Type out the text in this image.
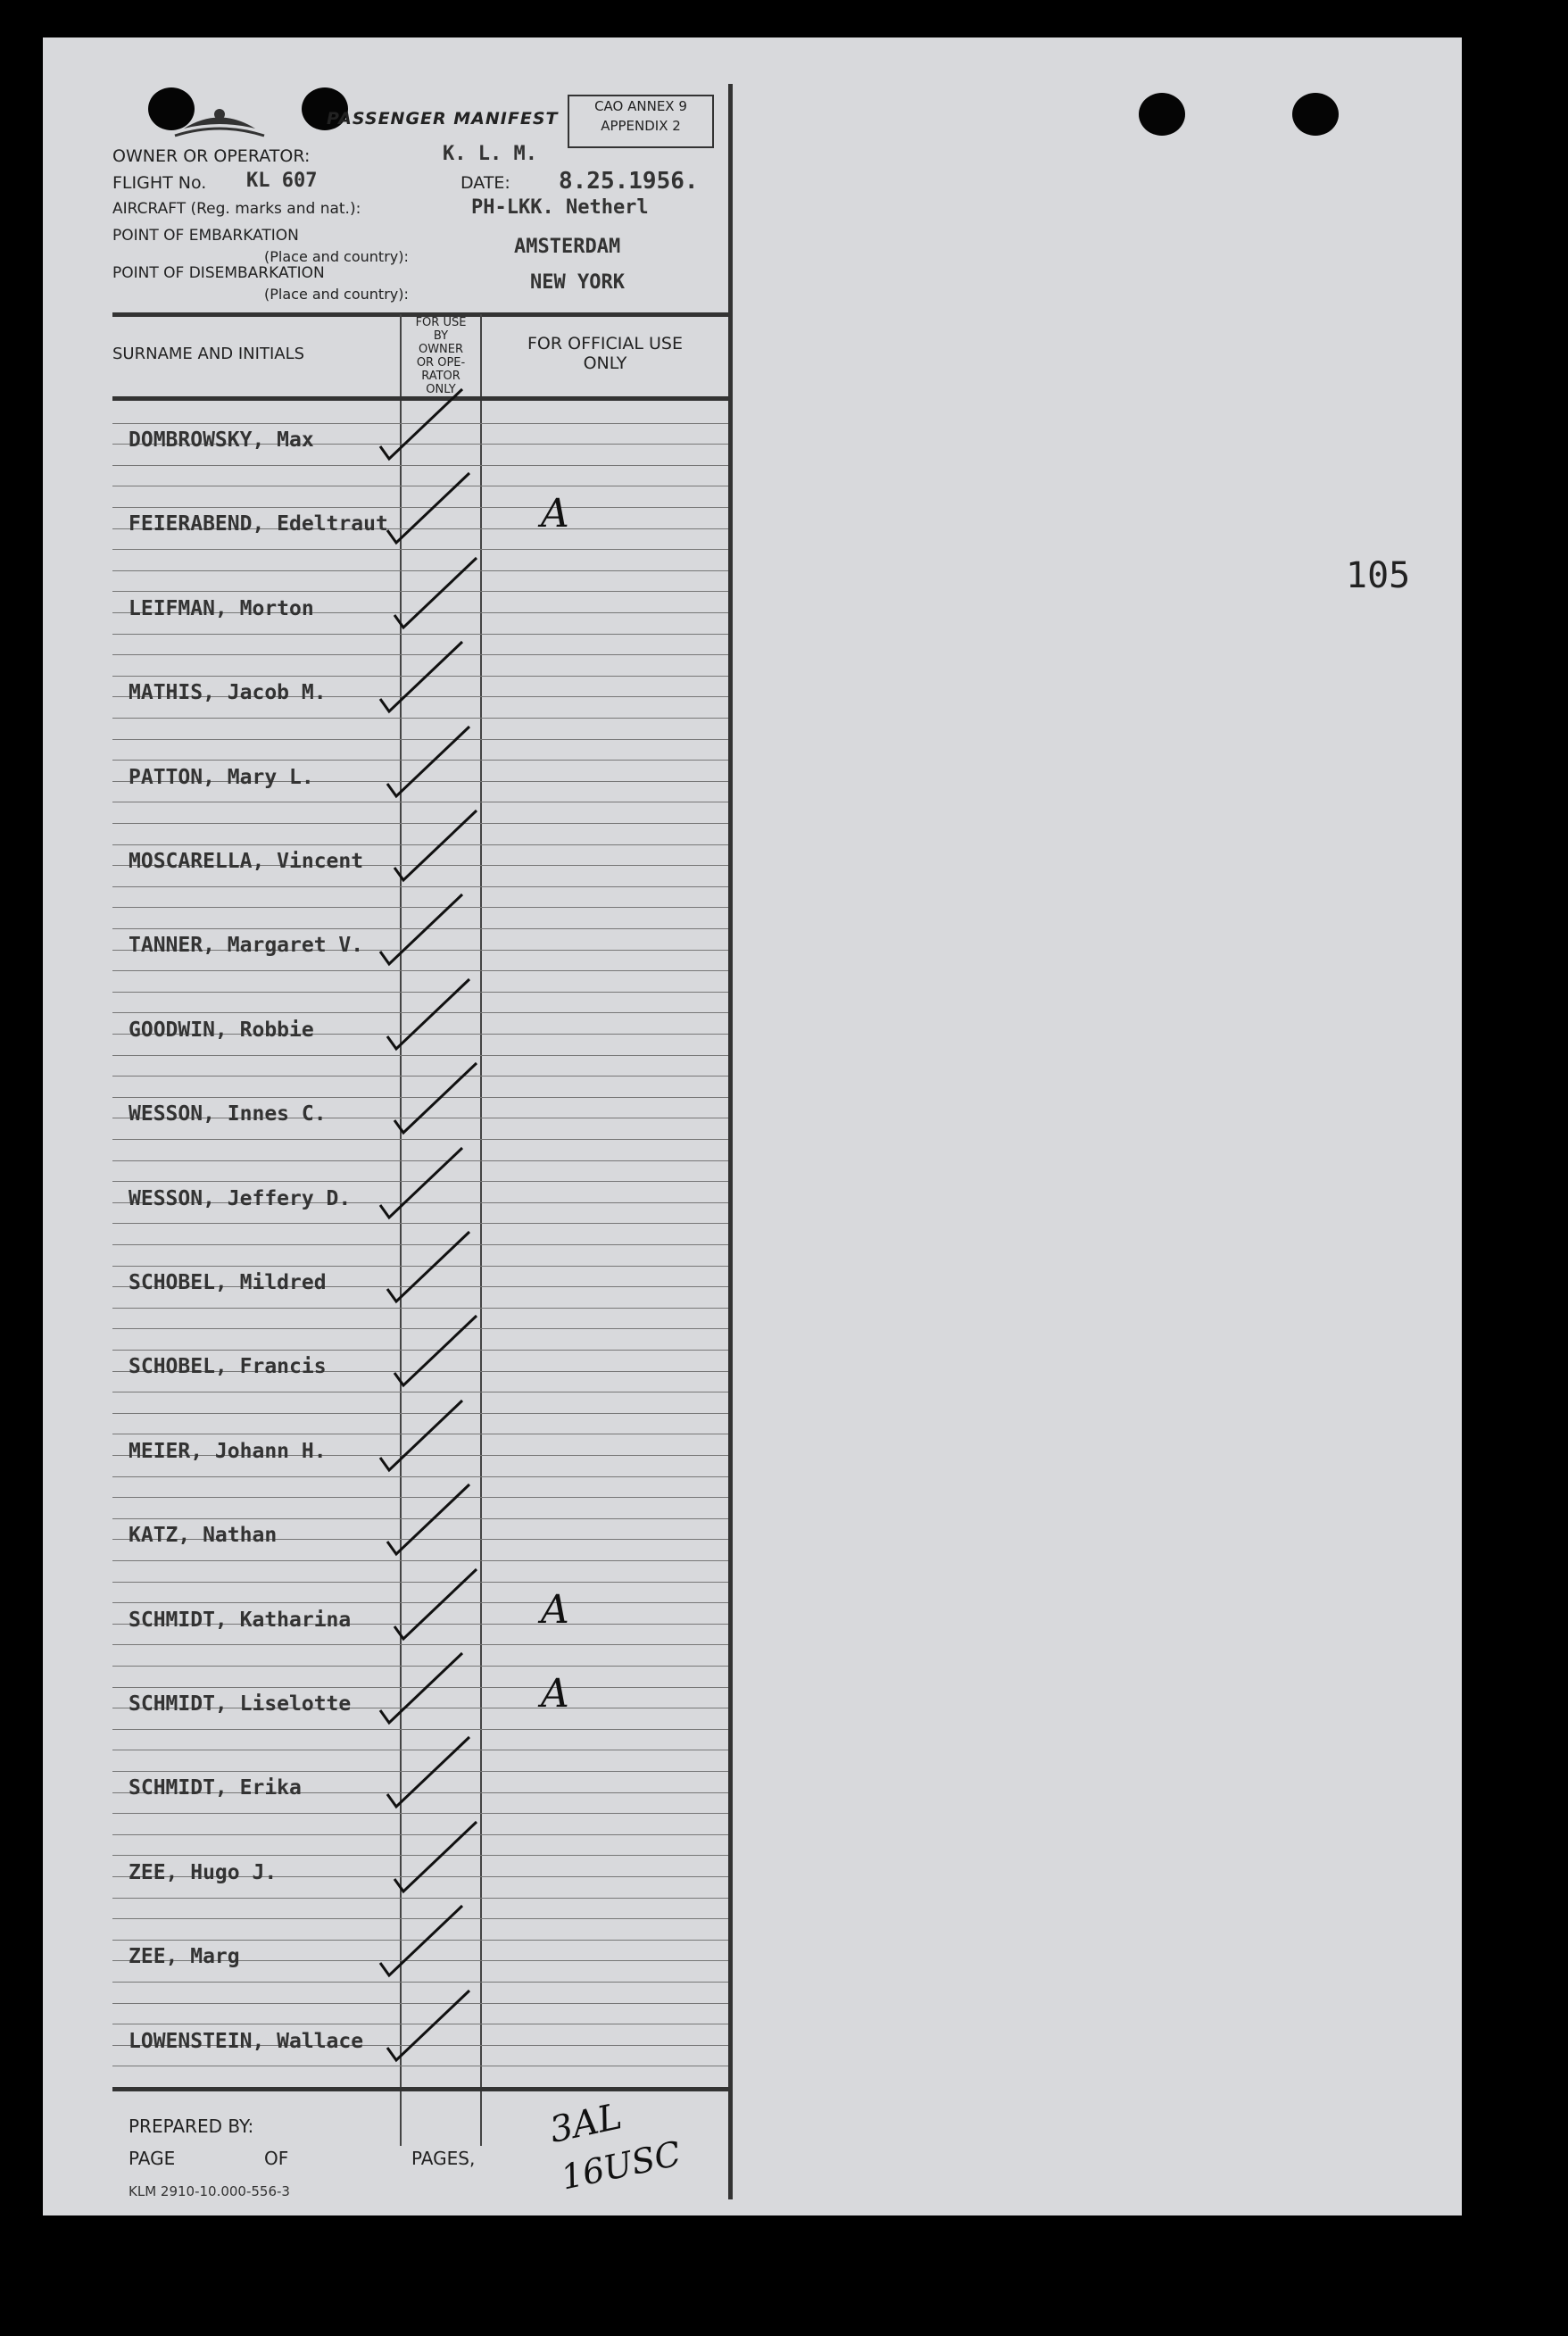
105
PASSENGER MANIFEST
CAO ANNEX 9
APPENDIX 2
OWNER OR OPERATOR:	K. L. M.
FLIGHT No. KL 607	DATE: 8.25.1956.
AIRCRAFT (Reg. marks and nat.):	PH-LKK. Netherl
POINT OF EMBARKATION
(Place and country):	AMSTERDAM
POINT OF DISEMBARKATION
(Place and country):
NEW YORK
SURNAME AND INITIALS
FOR USE
BY
OWNER
OR OPE-
RATOR
ONLY
FOR OFFICIAL USE
ONLY
DOMBROWSKY, Max
FEIERABEND, Edeltraut	A
LEIFMAN, Morton
MATHIS, Jacob M.
PATTON, Mary L.
MOSCARELLA, Vincent
TANNER, Margaret V.
GOODWIN, Robbie
WESSON, Innes C.
WESSON, Jeffery D.
SCHOBEL, Mildred
SCHOBEL, Francis
MEIER, Johann H.
KATZ, Nathan
SCHMIDT, Katharina	A
SCHMIDT, Liselotte	A
SCHMIDT, Erika
ZEE, Hugo J.
ZEE, Marg
LOWENSTEIN, Wallace
PREPARED BY:
PAGE	OF	PAGES,
KLM 2910-10.000-556-3
3AL
16USC
